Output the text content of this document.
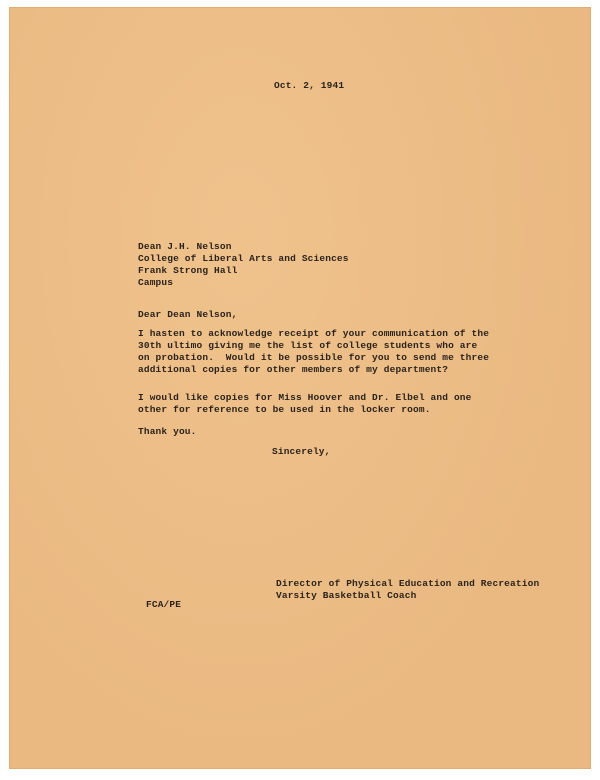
Oct. 2, 1941
Dean J.H. Nelson
College of Liberal Arts and Sciences
Frank Strong Hall
Campus
Dear Dean Nelson,
I hasten to acknowledge receipt of your communication of the
30th ultimo giving me the list of college students who are
on probation.  Would it be possible for you to send me three
additional copies for other members of my department?
I would like copies for Miss Hoover and Dr. Elbel and one
other for reference to be used in the locker room.
Thank you.
Sincerely,
Director of Physical Education and Recreation
Varsity Basketball Coach
FCA/PE
